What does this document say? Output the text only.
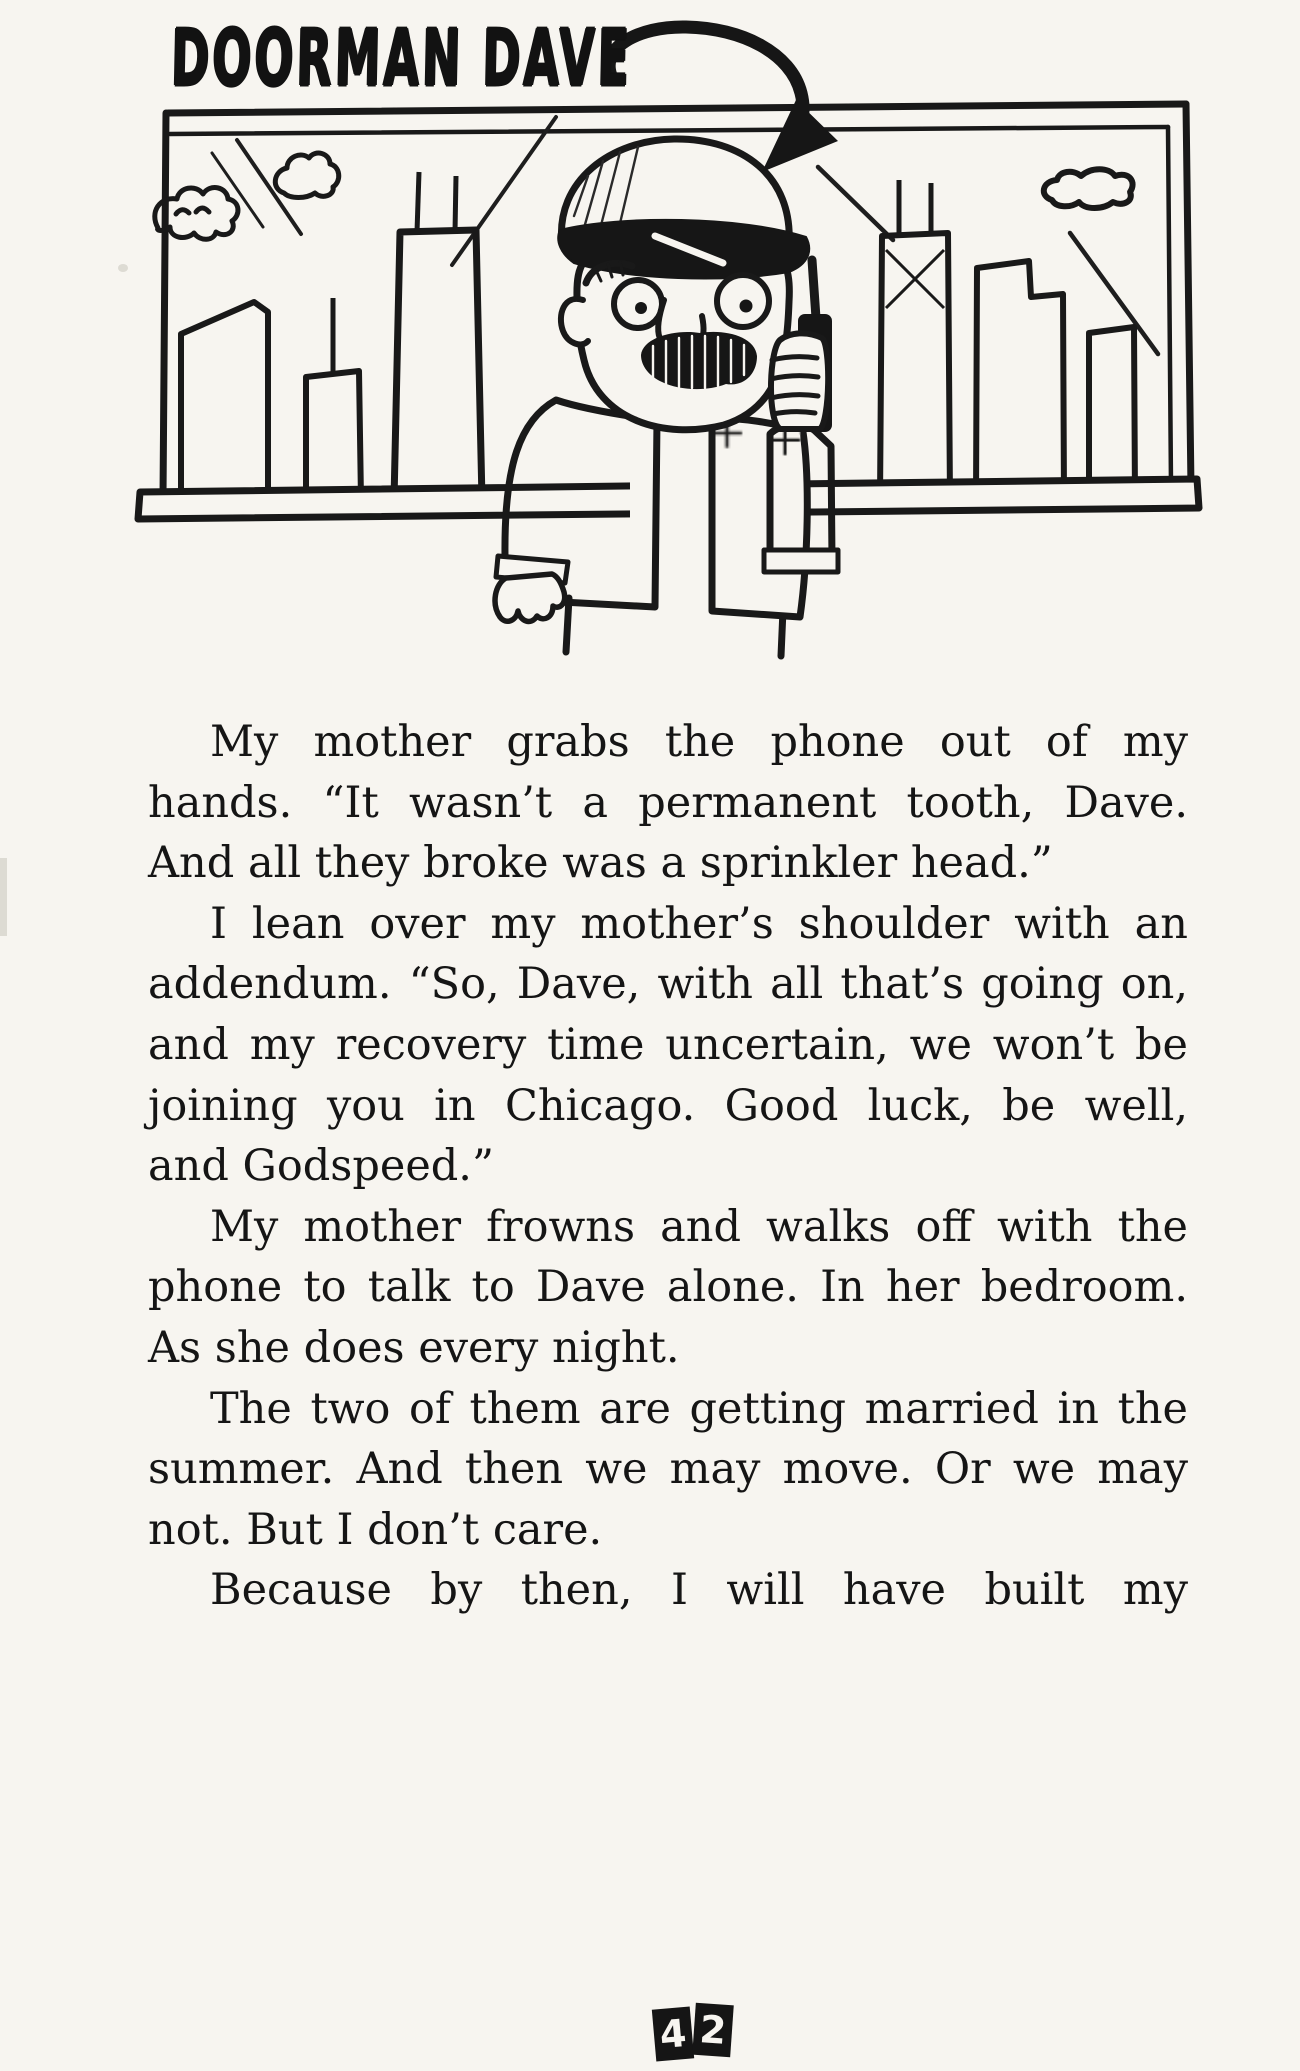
DOORMAN DAVE
My mother grabs the phone out of my
hands. “It wasn’t a permanent tooth, Dave.
And all they broke was a sprinkler head.”
I lean over my mother’s shoulder with an
addendum. “So, Dave, with all that’s going on,
and my recovery time uncertain, we won’t be
joining you in Chicago. Good luck, be well,
and Godspeed.”
My mother frowns and walks off with the
phone to talk to Dave alone. In her bedroom.
As she does every night.
The two of them are getting married in the
summer. And then we may move. Or we may
not. But I don’t care.
Because by then, I will have built my
4 2
